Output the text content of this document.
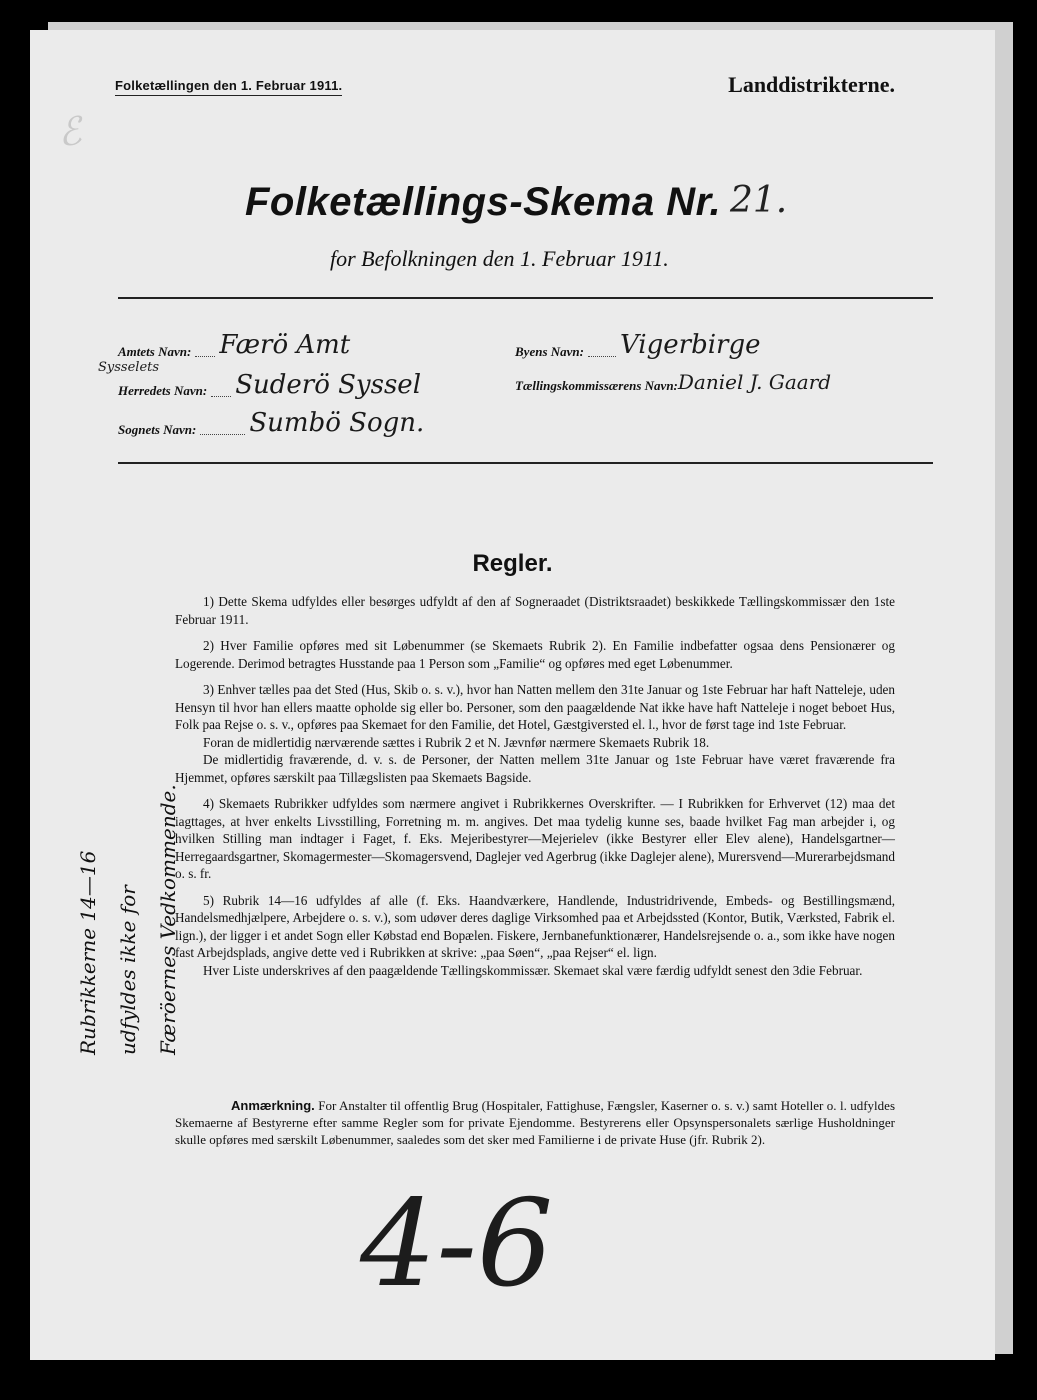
ℰ
Folketællingen den 1. Februar 1911.	Landdistrikterne.
Folketællings-Skema Nr. 21.
for Befolkningen den 1. Februar 1911.
Amtets Navn: Færö Amt
Sysselets
Herredets Navn: Suderö Syssel
Sognets Navn: Sumbö Sogn.
Byens Navn: Vigerbirge
Tællingskommissærens Navn: Daniel J. Gaard
Regler.

1) Dette Skema udfyldes eller besørges udfyldt af den af Sogneraadet (Distriktsraadet) beskikkede Tællingskommissær den 1ste Februar 1911.

2) Hver Familie opføres med sit Løbenummer (se Skemaets Rubrik 2). En Familie indbefatter ogsaa dens Pensionærer og Logerende. Derimod betragtes Husstande paa 1 Person som „Familie“ og opføres med eget Løbenummer.

3) Enhver tælles paa det Sted (Hus, Skib o. s. v.), hvor han Natten mellem den 31te Januar og 1ste Februar har haft Natteleje, uden Hensyn til hvor han ellers maatte opholde sig eller bo. Personer, som den paagældende Nat ikke have haft Natteleje i noget beboet Hus, Folk paa Rejse o. s. v., opføres paa Skemaet for den Familie, det Hotel, Gæstgiversted el. l., hvor de først tage ind 1ste Februar.

Foran de midlertidig nærværende sættes i Rubrik 2 et N. Jævnfør nærmere Skemaets Rubrik 18.

De midlertidig fraværende, d. v. s. de Personer, der Natten mellem 31te Januar og 1ste Februar have været fraværende fra Hjemmet, opføres særskilt paa Tillægslisten paa Skemaets Bagside.

4) Skemaets Rubrikker udfyldes som nærmere angivet i Rubrikkernes Overskrifter. — I Rubrikken for Erhvervet (12) maa det iagttages, at hver enkelts Livsstilling, Forretning m. m. angives. Det maa tydelig kunne ses, baade hvilket Fag man arbejder i, og hvilken Stilling man indtager i Faget, f. Eks. Mejeribestyrer—Mejerielev (ikke Bestyrer eller Elev alene), Handelsgartner—Herregaardsgartner, Skomagermester—Skomagersvend, Daglejer ved Agerbrug (ikke Daglejer alene), Murersvend—Murerarbejdsmand o. s. fr.

5) Rubrik 14—16 udfyldes af alle (f. Eks. Haandværkere, Handlende, Industridrivende, Embeds- og Bestillingsmænd, Handelsmedhjælpere, Arbejdere o. s. v.), som udøver deres daglige Virksomhed paa et Arbejdssted (Kontor, Butik, Værksted, Fabrik el. lign.), der ligger i et andet Sogn eller Købstad end Bopælen. Fiskere, Jernbanefunktionærer, Handelsrejsende o. a., som ikke have nogen fast Arbejdsplads, angive dette ved i Rubrikken at skrive: „paa Søen“, „paa Rejser“ el. lign.

Hver Liste underskrives af den paagældende Tællingskommissær. Skemaet skal være færdig udfyldt senest den 3die Februar.

Anmærkning. For Anstalter til offentlig Brug (Hospitaler, Fattighuse, Fængsler, Kaserner o. s. v.) samt Hoteller o. l. udfyldes Skemaerne af Bestyrerne efter samme Regler som for private Ejendomme. Bestyrerens eller Opsynspersonalets særlige Husholdninger skulle opføres med særskilt Løbenummer, saaledes som det sker med Familierne i de private Huse (jfr. Rubrik 2).
Rubrikkerne 14—16 udfyldes ikke for Færöernes Vedkommende.
4-6
